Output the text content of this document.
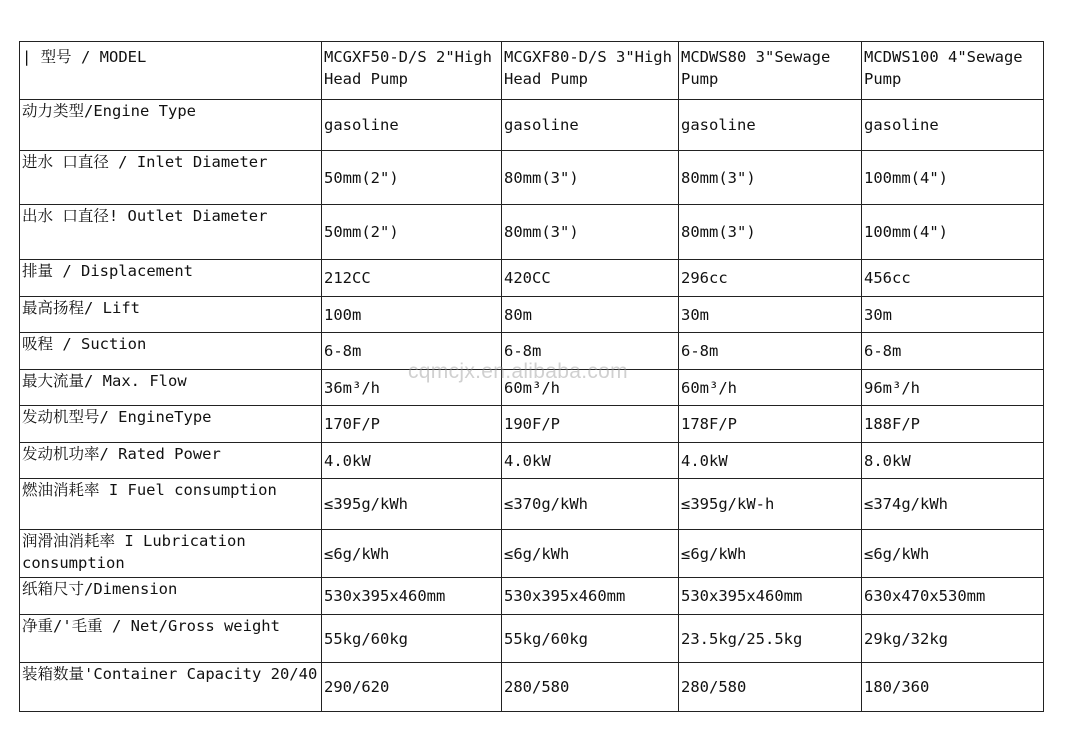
| 型号 / MODEL	MCGXF50-D/S 2"High Head Pump	MCGXF80-D/S 3"High Head Pump	MCDWS80 3"Sewage Pump	MCDWS100 4"Sewage Pump
动力类型/Engine Type	gasoline	gasoline	gasoline	gasoline
进水 口直径 / Inlet Diameter	50mm(2")	80mm(3")	80mm(3")	100mm(4")
出水 口直径! Outlet Diameter	50mm(2")	80mm(3")	80mm(3")	100mm(4")
排量 / Displacement	212CC	420CC	296cc	456cc
最高扬程/ Lift	100m	80m	30m	30m
吸程 / Suction	6-8m	6-8m	6-8m	6-8m
最大流量/ Max. Flow	36m³/h	60m³/h	60m³/h	96m³/h
发动机型号/ EngineType	170F/P	190F/P	178F/P	188F/P
发动机功率/ Rated Power	4.0kW	4.0kW	4.0kW	8.0kW
燃油消耗率 I Fuel consumption	≤395g/kWh	≤370g/kWh	≤395g/kW-h	≤374g/kWh
润滑油消耗率 I Lubrication consumption	≤6g/kWh	≤6g/kWh	≤6g/kWh	≤6g/kWh
纸箱尺寸/Dimension	530x395x460mm	530x395x460mm	530x395x460mm	630x470x530mm
净重/'毛重 / Net/Gross weight	55kg/60kg	55kg/60kg	23.5kg/25.5kg	29kg/32kg
装箱数量'Container Capacity 20/40	290/620	280/580	280/580	180/360
cqmcjx.en.alibaba.com
